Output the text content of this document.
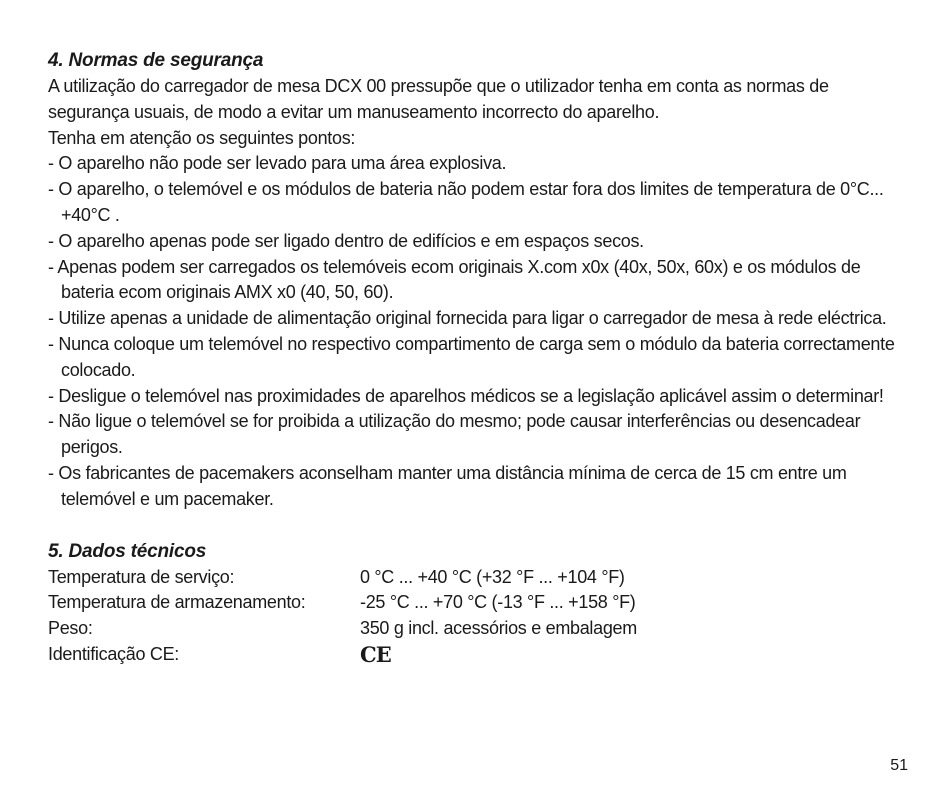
4. Normas de segurança

A utilização do carregador de mesa DCX 00 pressupõe que o utilizador tenha em conta as normas de segurança usuais, de modo a evitar um manuseamento incorrecto do aparelho.

Tenha em atenção os seguintes pontos:

- O aparelho não pode ser levado para uma área explosiva.
- O aparelho, o telemóvel e os módulos de bateria não podem estar fora dos limites de temperatura de 0°C... +40°C .
- O aparelho apenas pode ser ligado dentro de edifícios e em espaços secos.
- Apenas podem ser carregados os telemóveis ecom originais X.com x0x (40x, 50x, 60x) e os módulos de bateria ecom originais AMX x0 (40, 50, 60).
- Utilize apenas a unidade de alimentação original fornecida para ligar o carregador de mesa à rede eléctrica.
- Nunca coloque um telemóvel no respectivo compartimento de carga sem o módulo da bateria correctamente colocado.
- Desligue o telemóvel nas proximidades de aparelhos médicos se a legislação aplicável assim o determinar!
- Não ligue o telemóvel se for proibida a utilização do mesmo; pode causar interferências ou desencadear perigos.
- Os fabricantes de pacemakers aconselham manter uma distância mínima de cerca de 15 cm entre um telemóvel e um pacemaker.
5. Dados técnicos
Temperatura de serviço:	0 °C ... +40 °C (+32 °F ... +104 °F)
Temperatura de armazenamento:	-25 °C ... +70 °C (-13 °F ... +158 °F)
Peso:	350 g incl. acessórios e embalagem
Identificação CE:	CE
51
